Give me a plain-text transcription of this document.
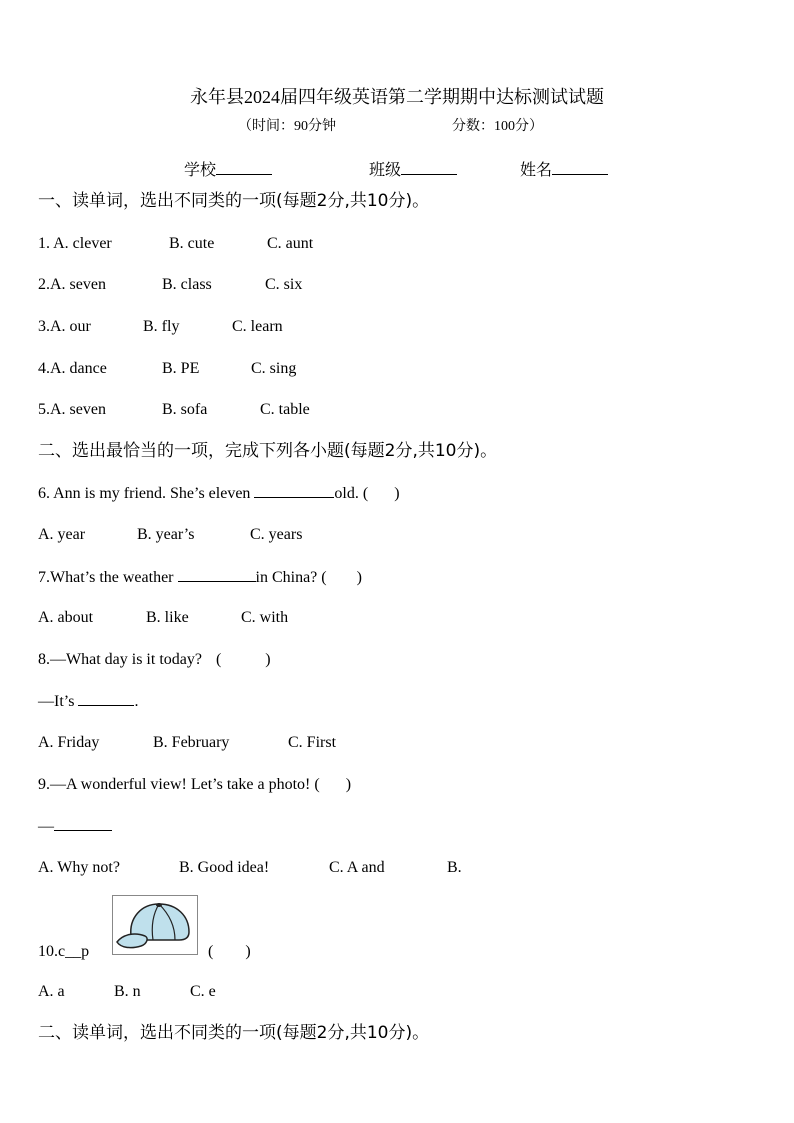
永年县2024届四年级英语第二学期期中达标测试试题
（时间：90分钟	分数：100分）
学校	班级	姓名
一、读单词，选出不同类的一项(每题2分,共10分)。
1. A. clever	B. cute	C. aunt
2.A. seven	B. class	C. six
3.A. our	B. fly	C. learn
4.A. dance	B. PE	C. sing
5.A. seven	B. sofa	C. table
二、选出最恰当的一项，完成下列各小题(每题2分,共10分)。
6. Ann is my friend. She’s eleven	old. ( )
A. year	B. year’s	C. years
7.What’s the weather	in China? ( )
A. about	B. like	C. with
8.—What day is it today? (	)
—It’s	.
A. Friday	B. February	C. First
9.—A wonderful view! Let’s take a photo! ( )
—
A. Why not?	B. Good idea!	C. A and	B.
10.c__p	( )
A. a	B. n	C. e
二、读单词，选出不同类的一项(每题2分,共10分)。
